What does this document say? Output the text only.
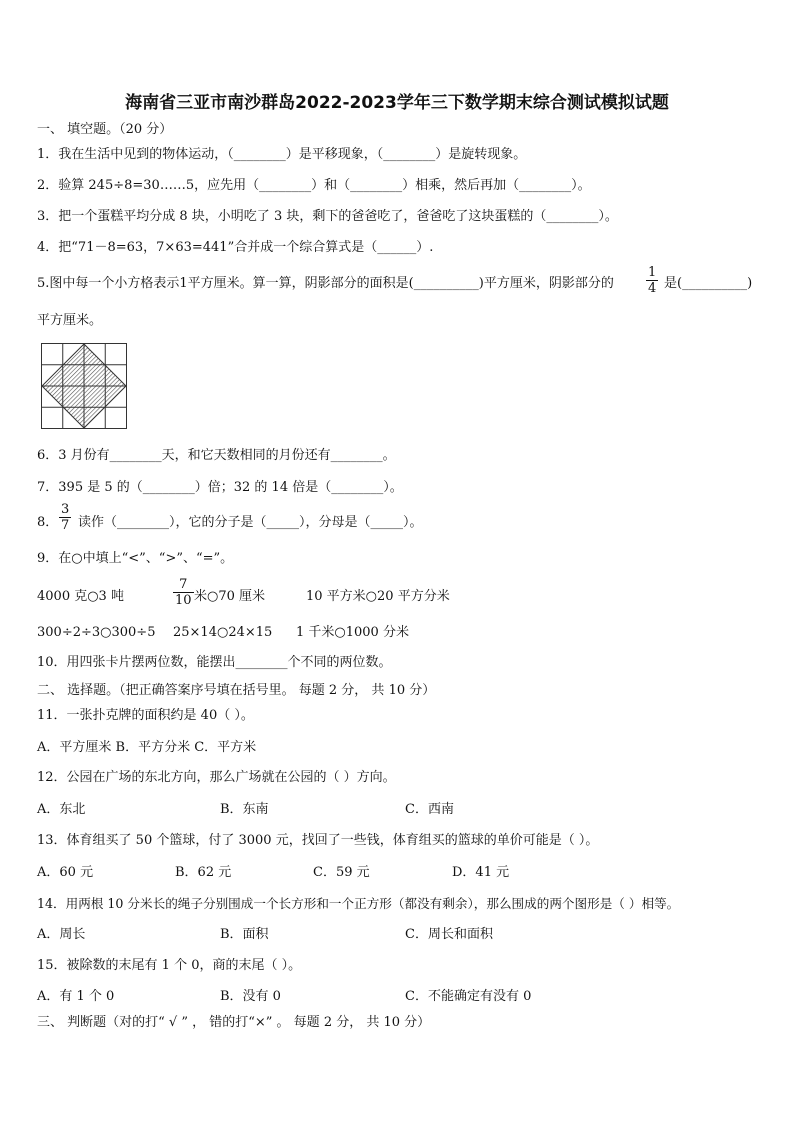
海南省三亚市南沙群岛2022-2023学年三下数学期末综合测试模拟试题
一、 填空题。（20 分）
1．我在生活中见到的物体运动，（________）是平移现象，（________）是旋转现象。
2．验算 245÷8=30……5，应先用（________）和（________）相乘，然后再加（________）。
3．把一个蛋糕平均分成 8 块，小明吃了 3 块，剩下的爸爸吃了，爸爸吃了这块蛋糕的（________）。
4．把“71－8=63，7×63=441”合并成一个综合算式是（______）.
5.图中每一个小方格表示1平方厘米。算一算，阴影部分的面积是(__________)平方厘米，阴影部分的 $\frac{1}{4}$ 是(__________)
平方厘米。
6．3 月份有________天，和它天数相同的月份还有________。
7．395 是 5 的（________）倍；32 的 14 倍是（________）。
8． $\frac{3}{7}$ 读作（________），它的分子是（_____），分母是（_____）。
9．在○中填上“<”、“>”、“=”。
4000 克○3 吨	$\frac{7}{10}$ 米○70 厘米	10 平方米○20 平方分米
300÷2÷3○300÷5 25×14○24×15 1 千米○1000 分米
10．用四张卡片摆两位数，能摆出________个不同的两位数。
二、 选择题。（把正确答案序号填在括号里。 每题 2 分， 共 10 分）
11．一张扑克牌的面积约是 40（ ）。
A．平方厘米 B．平方分米 C．平方米
12．公园在广场的东北方向，那么广场就在公园的（ ）方向。
A．东北	B．东南	C．西南
13．体育组买了 50 个篮球，付了 3000 元，找回了一些钱，体育组买的篮球的单价可能是（ ）。
A．60 元	B．62 元	C．59 元	D．41 元
14．用两根 10 分米长的绳子分别围成一个长方形和一个正方形（都没有剩余），那么围成的两个图形是（ ）相等。
A．周长	B．面积	C．周长和面积
15．被除数的末尾有 1 个 0，商的末尾（ ）。
A．有 1 个 0	B．没有 0	C．不能确定有没有 0
三、 判断题（对的打“ √ ” ， 错的打“×” 。 每题 2 分， 共 10 分）
